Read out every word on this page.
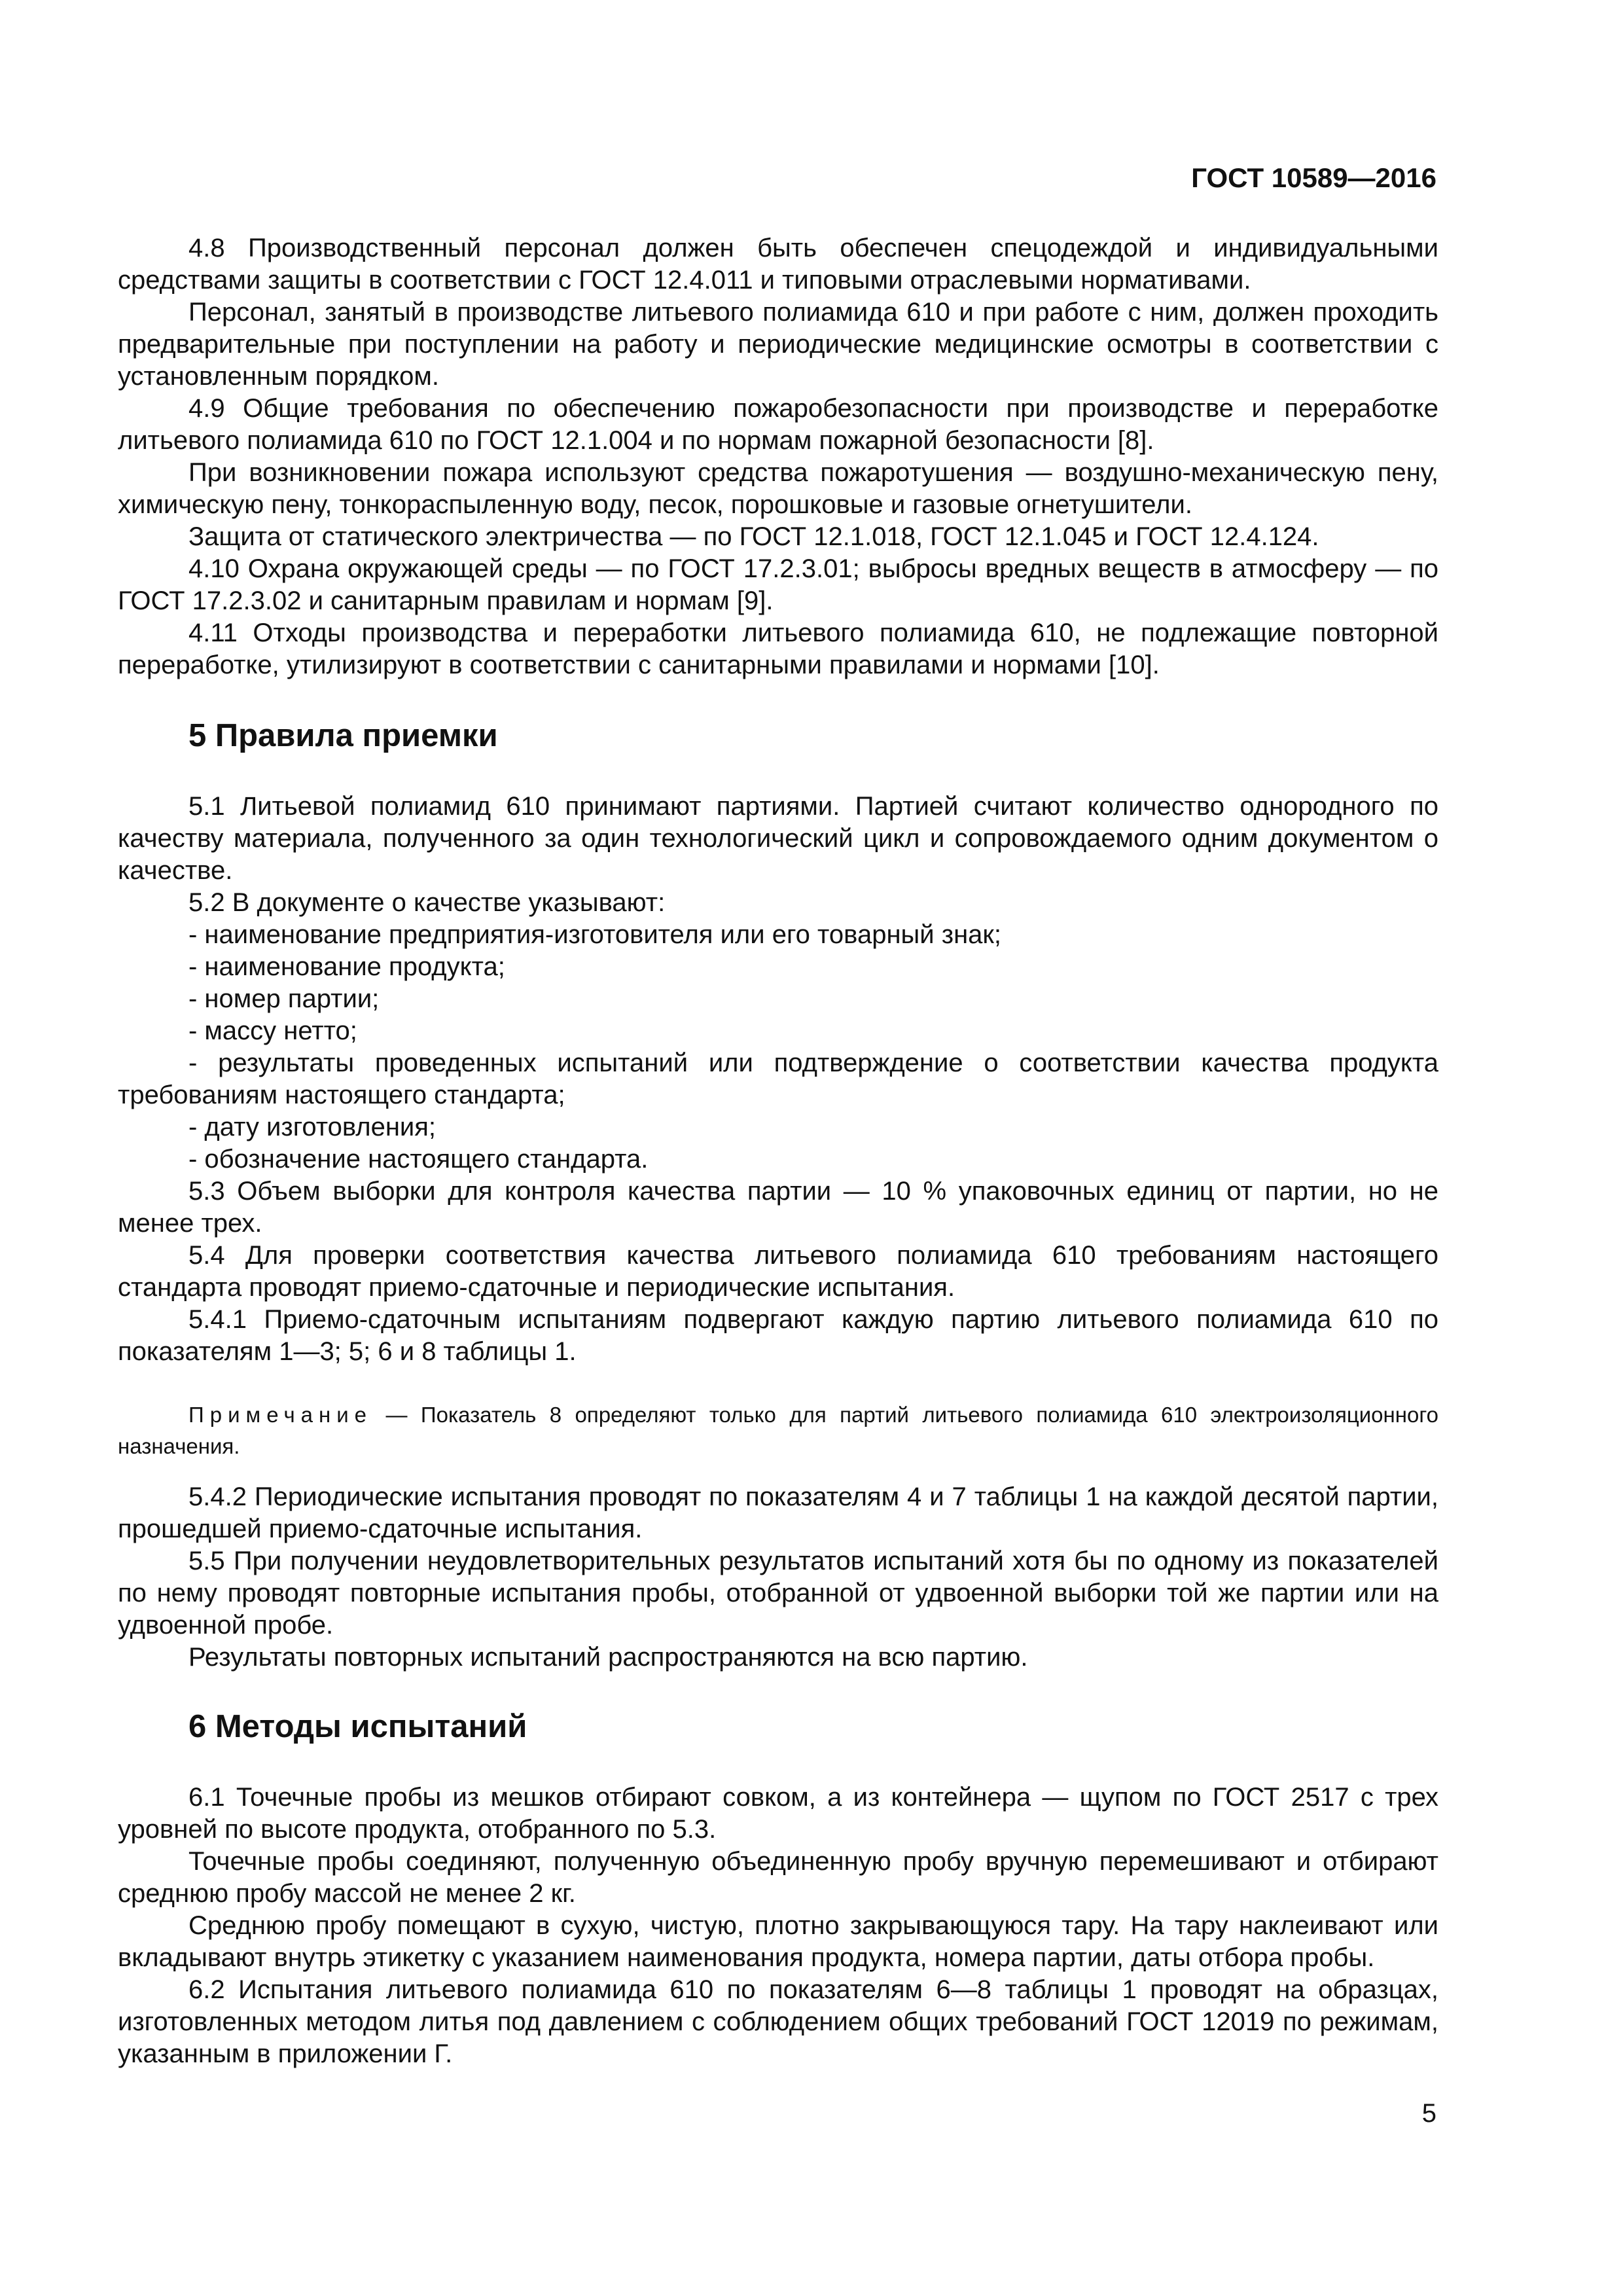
ГОСТ 10589—2016

4.8 Производственный персонал должен быть обеспечен спецодеждой и индивидуальными средствами защиты в соответствии с ГОСТ 12.4.011 и типовыми отраслевыми нормативами.

Персонал, занятый в производстве литьевого полиамида 610 и при работе с ним, должен проходить предварительные при поступлении на работу и периодические медицинские осмотры в соответствии с установленным порядком.

4.9 Общие требования по обеспечению пожаробезопасности при производстве и переработке литьевого полиамида 610 по ГОСТ 12.1.004 и по нормам пожарной безопасности [8].

При возникновении пожара используют средства пожаротушения — воздушно-механическую пену, химическую пену, тонкораспыленную воду, песок, порошковые и газовые огнетушители.

Защита от статического электричества — по ГОСТ 12.1.018, ГОСТ 12.1.045 и ГОСТ 12.4.124.

4.10 Охрана окружающей среды — по ГОСТ 17.2.3.01; выбросы вредных веществ в атмосферу — по ГОСТ 17.2.3.02 и санитарным правилам и нормам [9].

4.11 Отходы производства и переработки литьевого полиамида 610, не подлежащие повторной переработке, утилизируют в соответствии с санитарными правилами и нормами [10].

5 Правила приемки

5.1 Литьевой полиамид 610 принимают партиями. Партией считают количество однородного по качеству материала, полученного за один технологический цикл и сопровождаемого одним документом о качестве.

5.2 В документе о качестве указывают:

- наименование предприятия-изготовителя или его товарный знак;

- наименование продукта;

- номер партии;

- массу нетто;

- результаты проведенных испытаний или подтверждение о соответствии качества продукта требованиям настоящего стандарта;

- дату изготовления;

- обозначение настоящего стандарта.

5.3 Объем выборки для контроля качества партии — 10 % упаковочных единиц от партии, но не менее трех.

5.4 Для проверки соответствия качества литьевого полиамида 610 требованиям настоящего стандарта проводят приемо-сдаточные и периодические испытания.

5.4.1 Приемо-сдаточным испытаниям подвергают каждую партию литьевого полиамида 610 по показателям 1—3; 5; 6 и 8 таблицы 1.

Примечание — Показатель 8 определяют только для партий литьевого полиамида 610 электроизоляционного назначения.

5.4.2 Периодические испытания проводят по показателям 4 и 7 таблицы 1 на каждой десятой партии, прошедшей приемо-сдаточные испытания.

5.5 При получении неудовлетворительных результатов испытаний хотя бы по одному из показателей по нему проводят повторные испытания пробы, отобранной от удвоенной выборки той же партии или на удвоенной пробе.

Результаты повторных испытаний распространяются на всю партию.

6 Методы испытаний

6.1 Точечные пробы из мешков отбирают совком, а из контейнера — щупом по ГОСТ 2517 с трех уровней по высоте продукта, отобранного по 5.3.

Точечные пробы соединяют, полученную объединенную пробу вручную перемешивают и отбирают среднюю пробу массой не менее 2 кг.

Среднюю пробу помещают в сухую, чистую, плотно закрывающуюся тару. На тару наклеивают или вкладывают внутрь этикетку с указанием наименования продукта, номера партии, даты отбора пробы.

6.2 Испытания литьевого полиамида 610 по показателям 6—8 таблицы 1 проводят на образцах, изготовленных методом литья под давлением с соблюдением общих требований ГОСТ 12019 по режимам, указанным в приложении Г.

5
